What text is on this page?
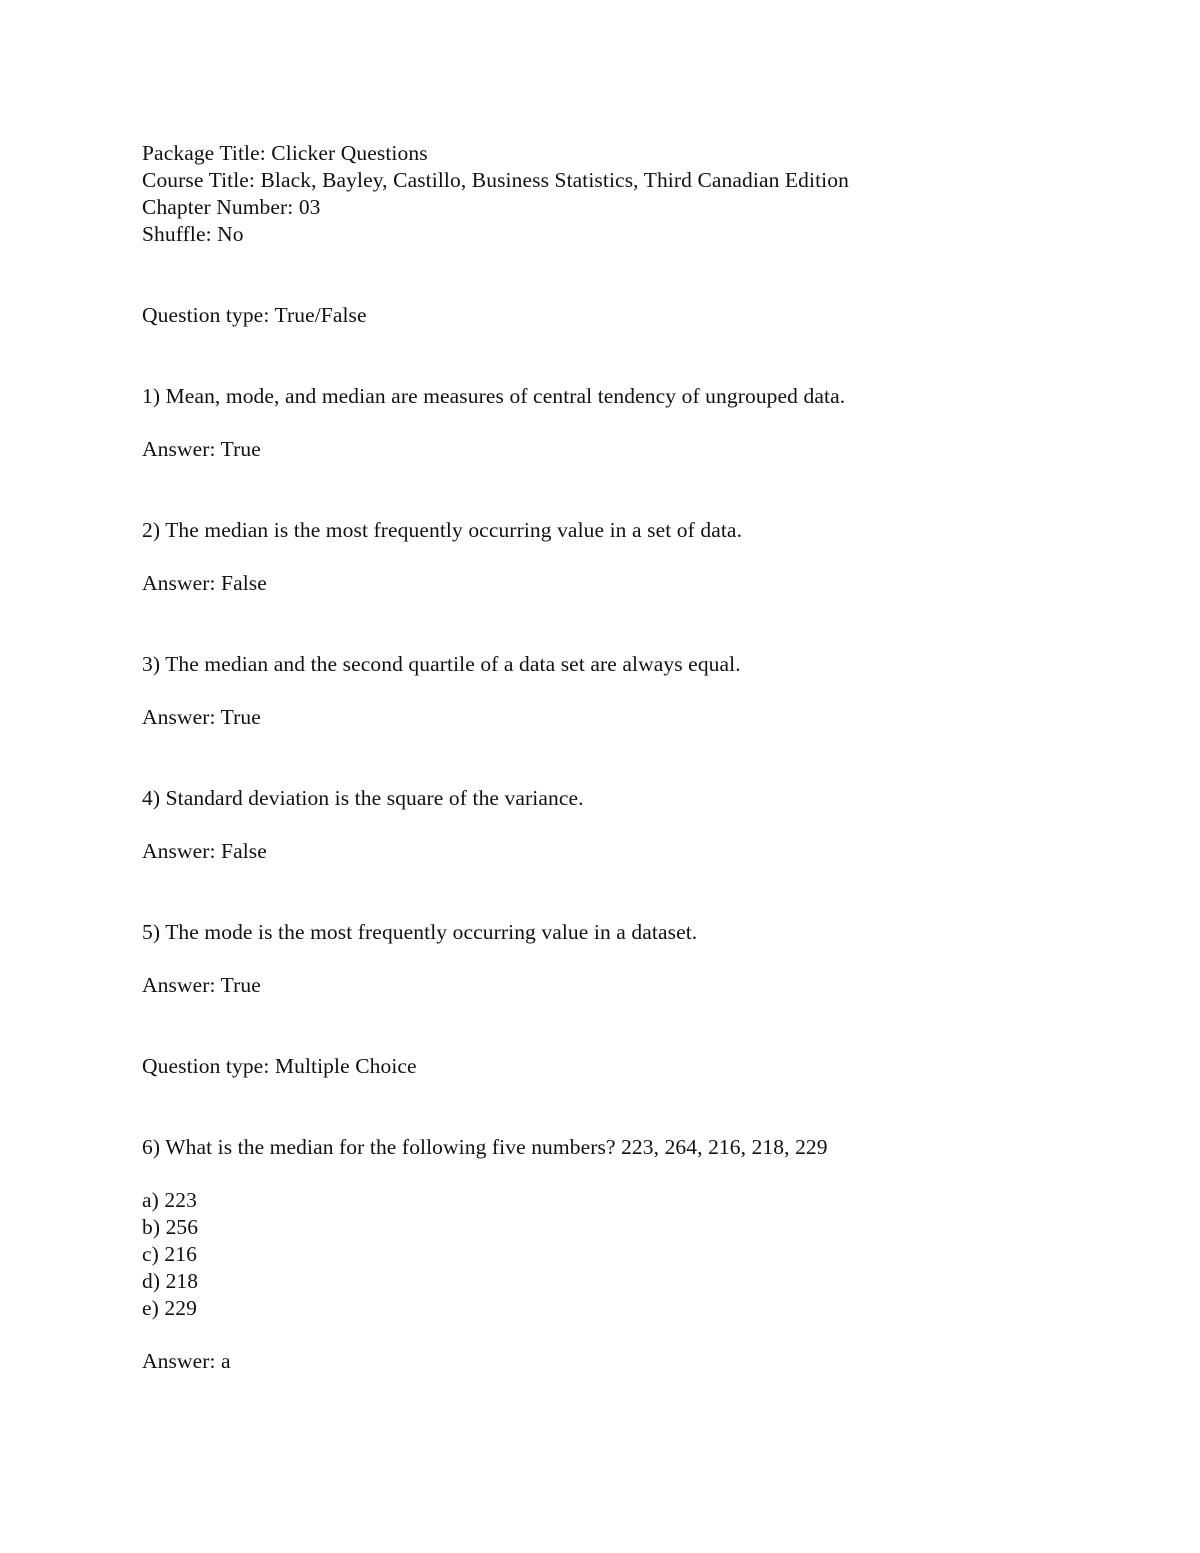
Package Title: Clicker Questions
Course Title: Black, Bayley, Castillo, Business Statistics, Third Canadian Edition
Chapter Number: 03
Shuffle: No
Question type: True/False
1) Mean, mode, and median are measures of central tendency of ungrouped data.
Answer: True
2) The median is the most frequently occurring value in a set of data.
Answer: False
3) The median and the second quartile of a data set are always equal.
Answer: True
4) Standard deviation is the square of the variance.
Answer: False
5) The mode is the most frequently occurring value in a dataset.
Answer: True
Question type: Multiple Choice
6) What is the median for the following five numbers? 223, 264, 216, 218, 229
a) 223
b) 256
c) 216
d) 218
e) 229
Answer: a
